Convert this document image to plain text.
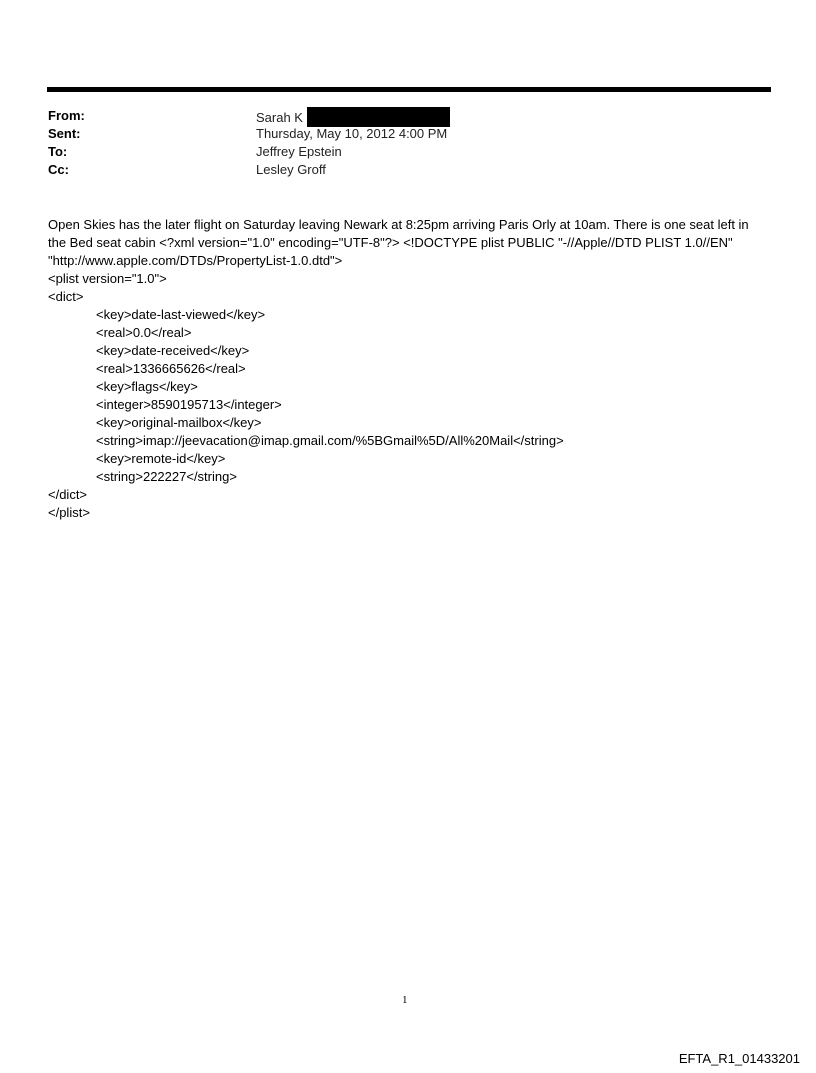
From:	Sarah K
Sent:	Thursday, May 10, 2012 4:00 PM
To:	Jeffrey Epstein
Cc:	Lesley Groff
Open Skies has the later flight on Saturday leaving Newark at 8:25pm arriving Paris Orly at 10am. There is one seat left in
the Bed seat cabin <?xml version="1.0" encoding="UTF-8"?> <!DOCTYPE plist PUBLIC "-//Apple//DTD PLIST 1.0//EN"
"http://www.apple.com/DTDs/PropertyList-1.0.dtd">
<plist version="1.0">
<dict>
<key>date-last-viewed</key>
<real>0.0</real>
<key>date-received</key>
<real>1336665626</real>
<key>flags</key>
<integer>8590195713</integer>
<key>original-mailbox</key>
<string>imap://jeevacation@imap.gmail.com/%5BGmail%5D/All%20Mail</string>
<key>remote-id</key>
<string>222227</string>
</dict>
</plist>
1
EFTA_R1_01433201
